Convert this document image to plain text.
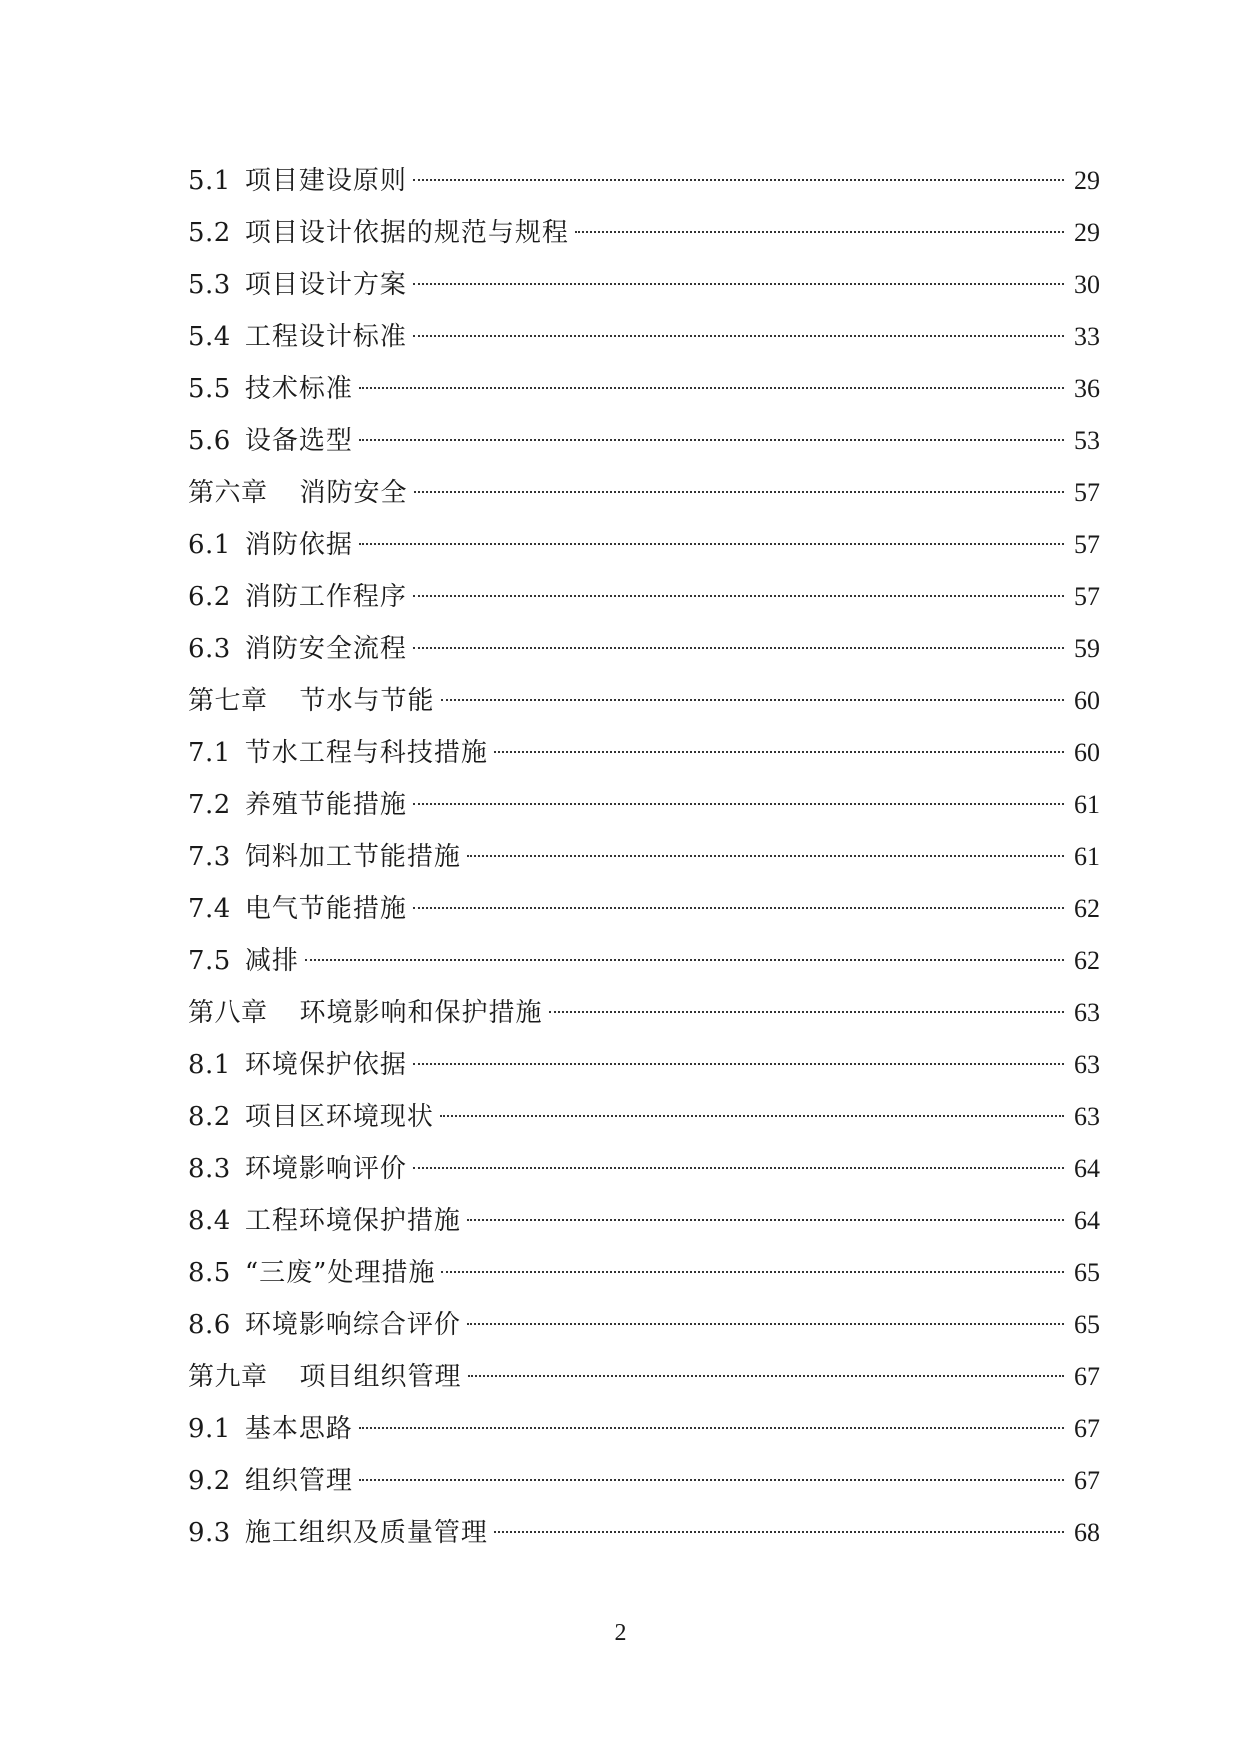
5.1 项目建设原则	29
5.2 项目设计依据的规范与规程	29
5.3 项目设计方案	30
5.4 工程设计标准	33
5.5 技术标准	36
5.6 设备选型	53
第六章 消防安全	57
6.1 消防依据	57
6.2 消防工作程序	57
6.3 消防安全流程	59
第七章 节水与节能	60
7.1 节水工程与科技措施	60
7.2 养殖节能措施	61
7.3 饲料加工节能措施	61
7.4 电气节能措施	62
7.5 减排	62
第八章 环境影响和保护措施	63
8.1 环境保护依据	63
8.2 项目区环境现状	63
8.3 环境影响评价	64
8.4 工程环境保护措施	64
8.5 “三废”处理措施	65
8.6 环境影响综合评价	65
第九章 项目组织管理	67
9.1 基本思路	67
9.2 组织管理	67
9.3 施工组织及质量管理	68
2
